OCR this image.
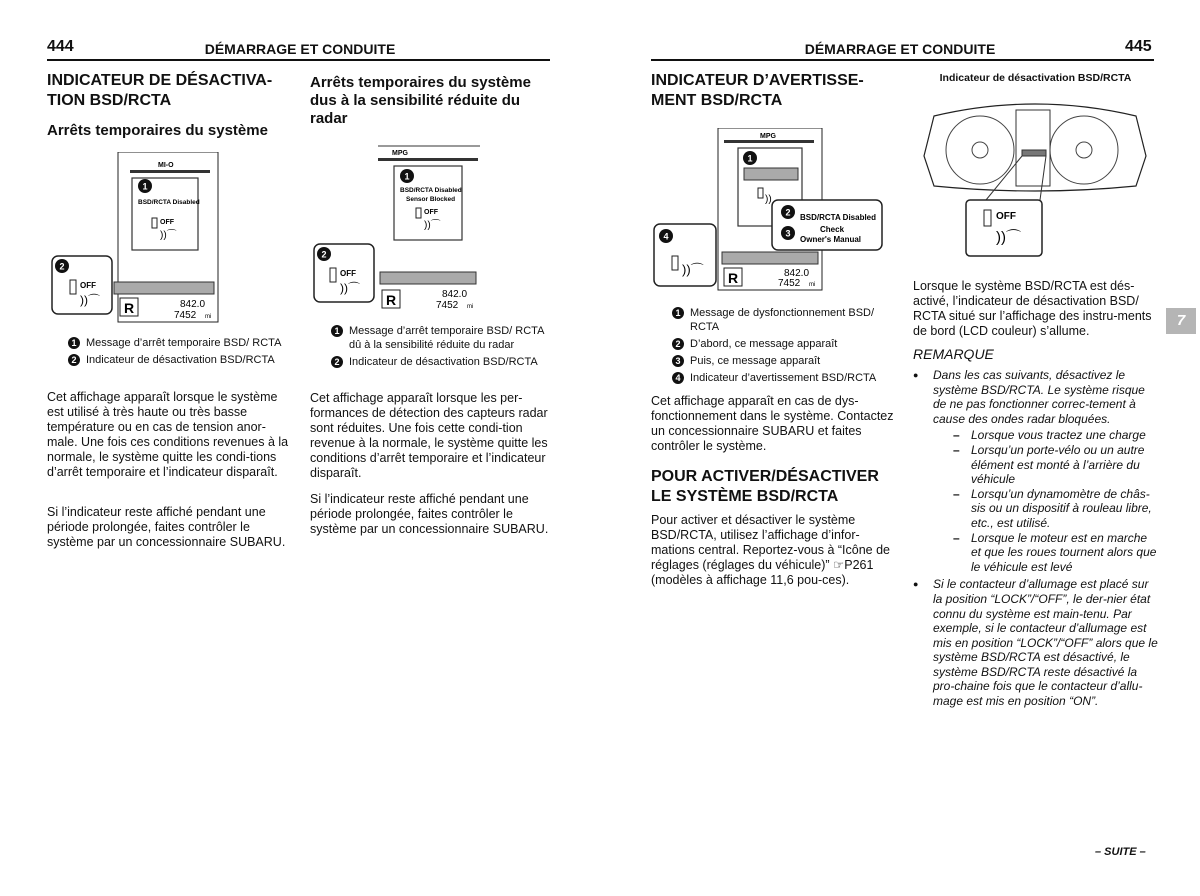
444	DÉMARRAGE ET CONDUITE
INDICATEUR DE DÉSACTIVA-TION BSD/RCTA
Arrêts temporaires du système
MI-O
1
BSD/RCTA Disabled
OFF
))⌒
R	842.0
7452 mi
2
OFF
))⌒
1 Message d’arrêt temporaire BSD/ RCTA
2 Indicateur de désactivation BSD/RCTA

Cet affichage apparaît lorsque le système est utilisé à très haute ou très basse température ou en cas de tension anor-male. Une fois ces conditions revenues à la normale, le système quitte les condi-tions d’arrêt temporaire et l’indicateur disparaît.

Si l’indicateur reste affiché pendant une période prolongée, faites contrôler le système par un concessionnaire SUBARU.

Arrêts temporaires du système dus à la sensibilité réduite du radar
MPG
1
BSD/RCTA Disabled
Sensor Blocked
OFF
))⌒
R	842.0
7452 mi
2
OFF
))⌒
1 Message d’arrêt temporaire BSD/ RCTA dû à la sensibilité réduite du radar
2 Indicateur de désactivation BSD/RCTA

Cet affichage apparaît lorsque les per-formances de détection des capteurs radar sont réduites. Une fois cette condi-tion revenue à la normale, le système quitte les conditions d’arrêt temporaire et l’indicateur disparaît.

Si l’indicateur reste affiché pendant une période prolongée, faites contrôler le système par un concessionnaire SUBARU.

DÉMARRAGE ET CONDUITE	445
INDICATEUR D’AVERTISSE-MENT BSD/RCTA
MPG
1
))
2 BSD/RCTA Disabled
3	Check
Owner's Manual
R	842.0
7452 mi
4
))⌒
1 Message de dysfonctionnement BSD/ RCTA
2 D’abord, ce message apparaît
3 Puis, ce message apparaît
4 Indicateur d’avertissement BSD/RCTA

Cet affichage apparaît en cas de dys-fonctionnement dans le système. Contactez un concessionnaire SUBARU et faites contrôler le système.

POUR ACTIVER/DÉSACTIVER LE SYSTÈME BSD/RCTA

Pour activer et désactiver le système BSD/RCTA, utilisez l’affichage d’infor-mations central. Reportez-vous à “Icône de réglages (réglages du véhicule)” ☞P261 (modèles à affichage 11,6 pou-ces).

Indicateur de désactivation BSD/RCTA
OFF
))⌒

Lorsque le système BSD/RCTA est dés-activé, l’indicateur de désactivation BSD/ RCTA situé sur l’affichage des instru-ments de bord (LCD couleur) s’allume.

REMARQUE
● Dans les cas suivants, désactivez le système BSD/RCTA. Le système risque de ne pas fonctionner correc-tement à cause des ondes radar bloquées.
– Lorsque vous tractez une charge
– Lorsqu’un porte-vélo ou un autre élément est monté à l’arrière du véhicule
– Lorsqu’un dynamomètre de châs-sis ou un dispositif à rouleau libre, etc., est utilisé.
– Lorsque le moteur est en marche et que les roues tournent alors que le véhicule est levé
● Si le contacteur d’allumage est placé sur la position “LOCK”/“OFF”, le der-nier état connu du système est main-tenu. Par exemple, si le contacteur d’allumage est mis en position “LOCK”/“OFF” alors que le système BSD/RCTA est désactivé, le système BSD/RCTA reste désactivé la pro-chaine fois que le contacteur d’allu-mage est mis en position “ON”.
7
– SUITE –
